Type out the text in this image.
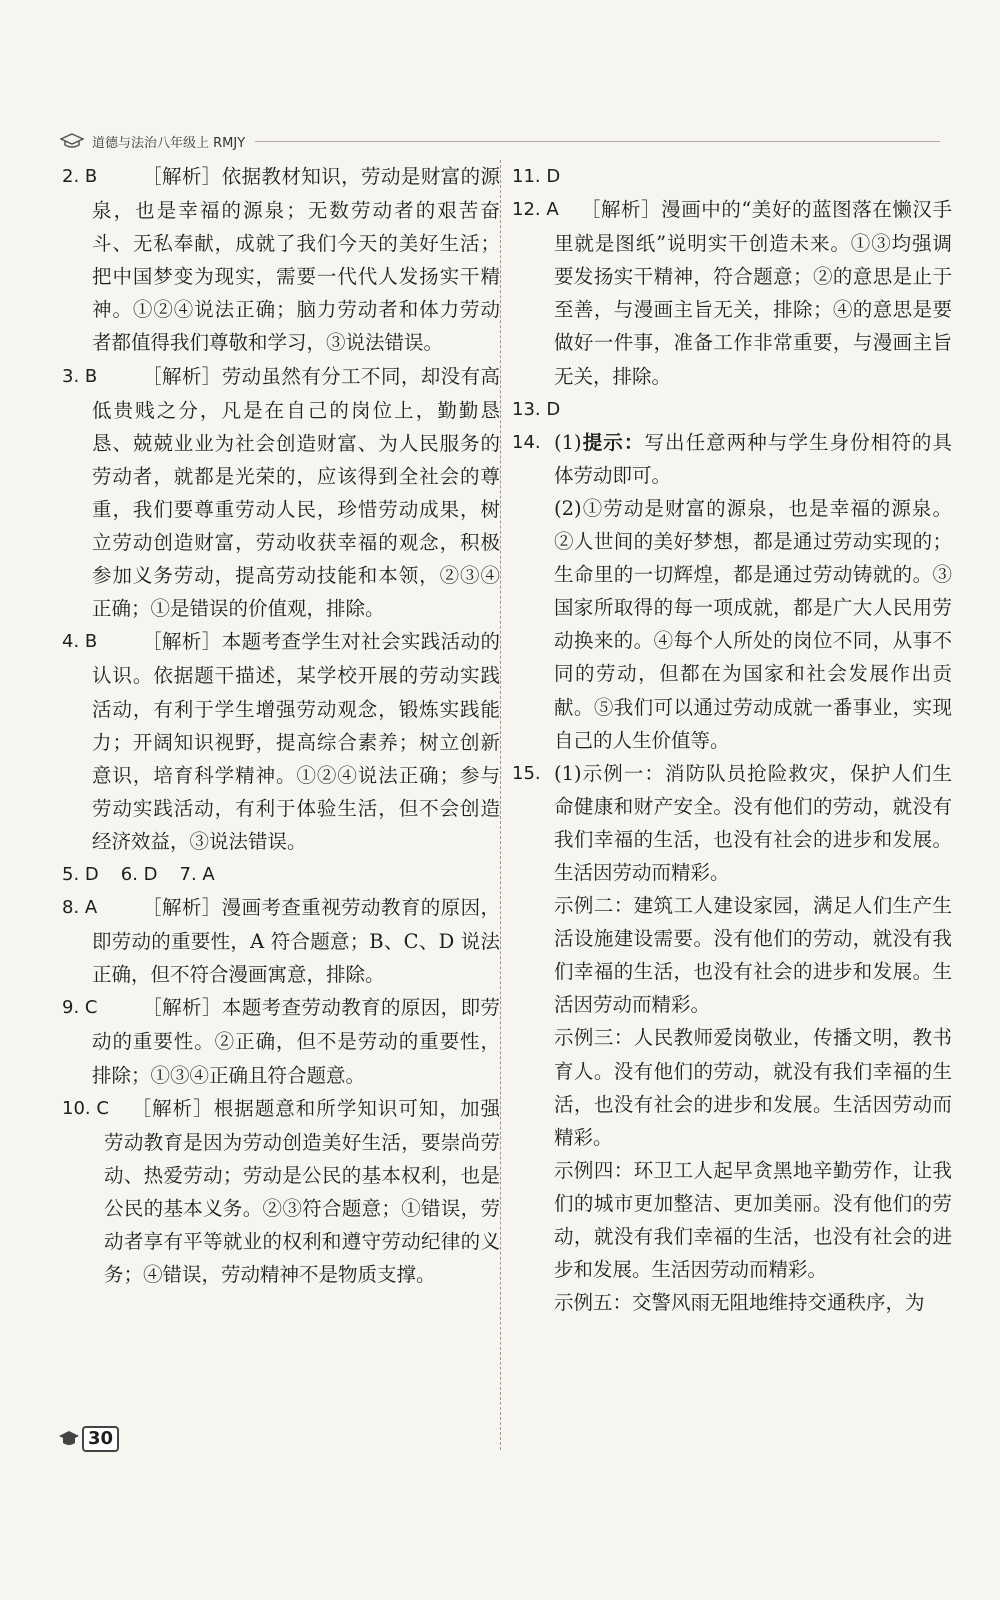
道德与法治八年级上 RMJY
2. B ［解析］依据教材知识，劳动是财富的源泉，也是幸福的源泉；无数劳动者的艰苦奋斗、无私奉献，成就了我们今天的美好生活；把中国梦变为现实，需要一代代人发扬实干精神。①②④说法正确；脑力劳动者和体力劳动者都值得我们尊敬和学习，③说法错误。
3. B ［解析］劳动虽然有分工不同，却没有高低贵贱之分，凡是在自己的岗位上，勤勤恳恳、兢兢业业为社会创造财富、为人民服务的劳动者，就都是光荣的，应该得到全社会的尊重，我们要尊重劳动人民，珍惜劳动成果，树立劳动创造财富，劳动收获幸福的观念，积极参加义务劳动，提高劳动技能和本领，②③④正确；①是错误的价值观，排除。
4. B ［解析］本题考查学生对社会实践活动的认识。依据题干描述，某学校开展的劳动实践活动，有利于学生增强劳动观念，锻炼实践能力；开阔知识视野，提高综合素养；树立创新意识，培育科学精神。①②④说法正确；参与劳动实践活动，有利于体验生活，但不会创造经济效益，③说法错误。
5. D 6. D 7. A
8. A ［解析］漫画考查重视劳动教育的原因，即劳动的重要性，A 符合题意；B、C、D 说法正确，但不符合漫画寓意，排除。
9. C ［解析］本题考查劳动教育的原因，即劳动的重要性。②正确，但不是劳动的重要性，排除；①③④正确且符合题意。
10. C ［解析］根据题意和所学知识可知，加强劳动教育是因为劳动创造美好生活，要崇尚劳动、热爱劳动；劳动是公民的基本权利，也是公民的基本义务。②③符合题意；①错误，劳动者享有平等就业的权利和遵守劳动纪律的义务；④错误，劳动精神不是物质支撑。
11. D
12. A ［解析］漫画中的“美好的蓝图落在懒汉手里就是图纸”说明实干创造未来。①③均强调要发扬实干精神，符合题意；②的意思是止于至善，与漫画主旨无关，排除；④的意思是要做好一件事，准备工作非常重要，与漫画主旨无关，排除。
13. D
14. (1)提示：写出任意两种与学生身份相符的具体劳动即可。
(2)①劳动是财富的源泉，也是幸福的源泉。②人世间的美好梦想，都是通过劳动实现的；生命里的一切辉煌，都是通过劳动铸就的。③国家所取得的每一项成就，都是广大人民用劳动换来的。④每个人所处的岗位不同，从事不同的劳动，但都在为国家和社会发展作出贡献。⑤我们可以通过劳动成就一番事业，实现自己的人生价值等。
15. (1)示例一：消防队员抢险救灾，保护人们生命健康和财产安全。没有他们的劳动，就没有我们幸福的生活，也没有社会的进步和发展。生活因劳动而精彩。
示例二：建筑工人建设家园，满足人们生产生活设施建设需要。没有他们的劳动，就没有我们幸福的生活，也没有社会的进步和发展。生活因劳动而精彩。
示例三：人民教师爱岗敬业，传播文明，教书育人。没有他们的劳动，就没有我们幸福的生活，也没有社会的进步和发展。生活因劳动而精彩。
示例四：环卫工人起早贪黑地辛勤劳作，让我们的城市更加整洁、更加美丽。没有他们的劳动，就没有我们幸福的生活，也没有社会的进步和发展。生活因劳动而精彩。
示例五：交警风雨无阻地维持交通秩序，为
30
